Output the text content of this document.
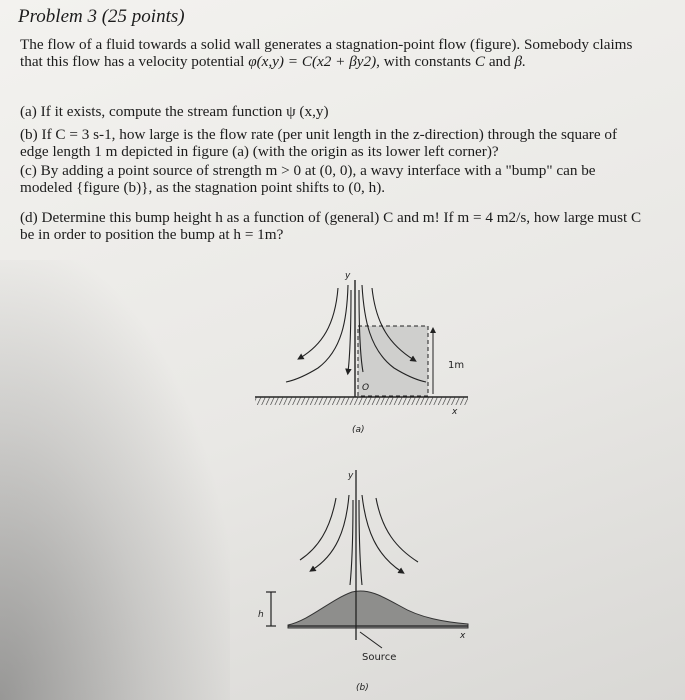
Problem 3 (25 points)
The flow of a fluid towards a solid wall generates a stagnation-point flow (figure). Somebody claims
that this flow has a velocity potential φ(x,y) = C(x2 + βy2), with constants C and β.
(a) If it exists, compute the stream function ψ (x,y)
(b) If C = 3 s-1, how large is the flow rate (per unit length in the z-direction) through the square of
edge length 1 m depicted in figure (a) (with the origin as its lower left corner)?
(c) By adding a point source of strength m > 0 at (0, 0), a wavy interface with a "bump" can be
modeled {figure (b)}, as the stagnation point shifts to (0, h).
(d) Determine this bump height h as a function of (general) C and m! If m = 4 m2/s, how large must C
be in order to position the bump at h = 1m?
y
x
1m
O
(a)
y
x
h
Source
(b)
